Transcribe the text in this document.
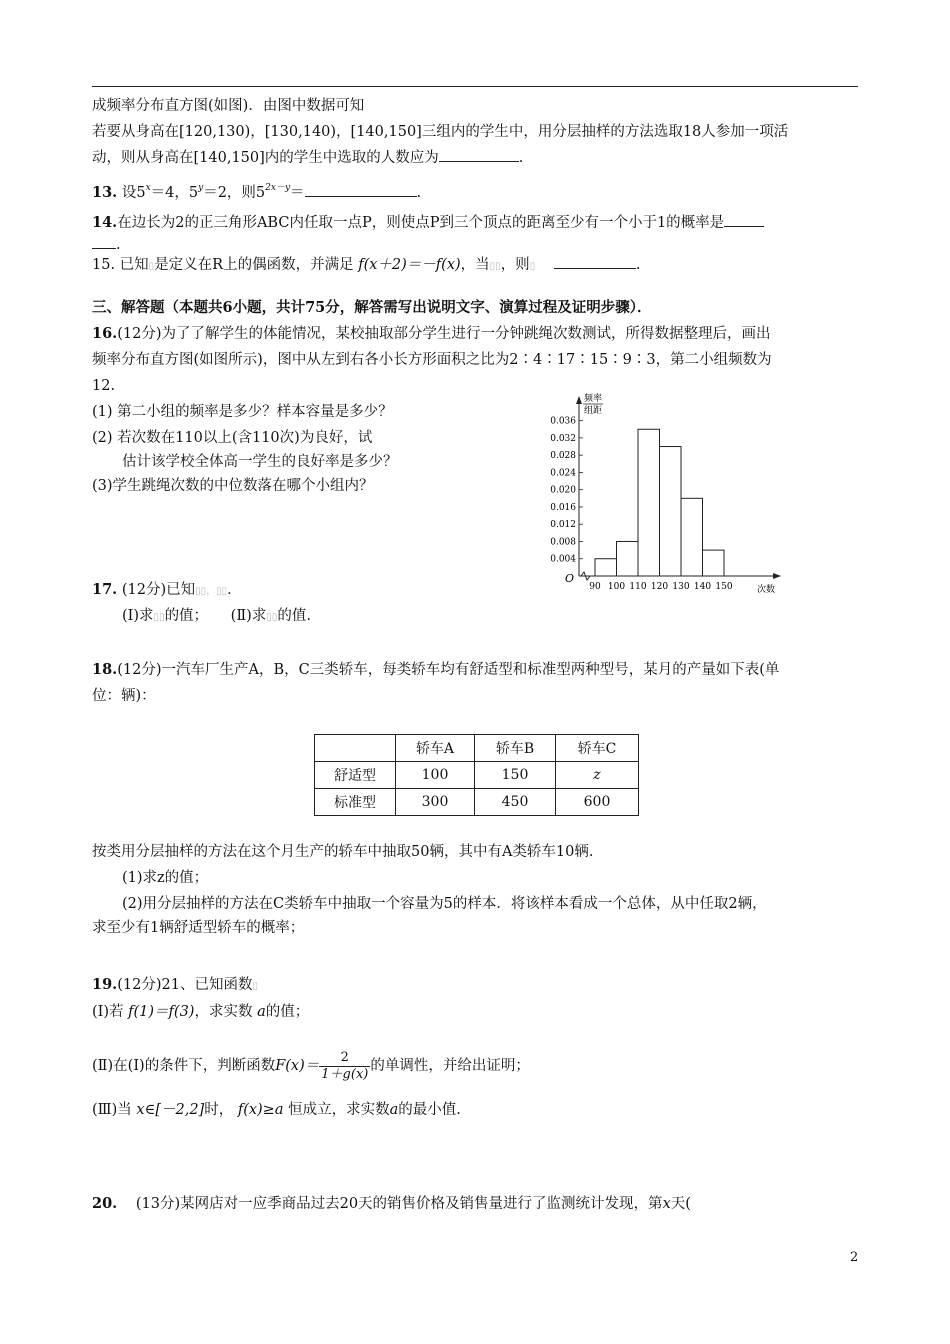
成频率分布直方图(如图)．由图中数据可知
若要从身高在[120,130)，[130,140)，[140,150]三组内的学生中，用分层抽样的方法选取18人参加一项活
动，则从身高在[140,150]内的学生中选取的人数应为	.
13. 设$5^x=4$，$5^y=2$，则$5^{2x-y}=$	.
14.在边长为2的正三角形ABC内任取一点P，则使点P到三个顶点的距离至少有一个小于1的概率是
.
15. 已知▯是定义在R上的偶函数，并满足 f(x＋2)＝－f(x)，当▯▯，则▯	.
三、解答题（本题共6小题，共计75分，解答需写出说明文字、演算过程及证明步骤）．
16.(12分)为了了解学生的体能情况，某校抽取部分学生进行一分钟跳绳次数测试，所得数据整理后，画出
频率分布直方图(如图所示)，图中从左到右各小长方形面积之比为2∶4∶17∶15∶9∶3，第二小组频数为
12.
(1) 第二小组的频率是多少？样本容量是多少？
(2) 若次数在110以上(含110次)为良好，试
估计该学校全体高一学生的良好率是多少？
(3)学生跳绳次数的中位数落在哪个小组内？
O
频率
组距
0.004
0.008
0.012
0.016
0.020
0.024
0.028
0.032
0.036
90 100 110 120 130 140 150	次数
17. (12分)已知▯▯，▯▯．
(Ⅰ)求▯▯的值； (Ⅱ)求▯▯的值.
18.(12分)一汽车厂生产A，B，C三类轿车，每类轿车均有舒适型和标准型两种型号，某月的产量如下表(单
位：辆)：
	轿车A	轿车B	轿车C
舒适型	100	150	z
标准型	300	450	600
按类用分层抽样的方法在这个月生产的轿车中抽取50辆，其中有A类轿车10辆.
(1)求z的值；
(2)用分层抽样的方法在C类轿车中抽取一个容量为5的样本．将该样本看成一个总体，从中任取2辆，
求至少有1辆舒适型轿车的概率；
19.(12分)21、已知函数▯
(Ⅰ)若 f(1)＝f(3)，求实数 a的值；
(Ⅱ)在(Ⅰ)的条件下，判断函数$F(x)= \frac{2}{1+g(x)}$ 的单调性，并给出证明；
(Ⅲ)当 x∈[－2,2]时， f(x)≥a 恒成立，求实数a的最小值.
20. (13分)某网店对一应季商品过去20天的销售价格及销售量进行了监测统计发现，第x天(
2
